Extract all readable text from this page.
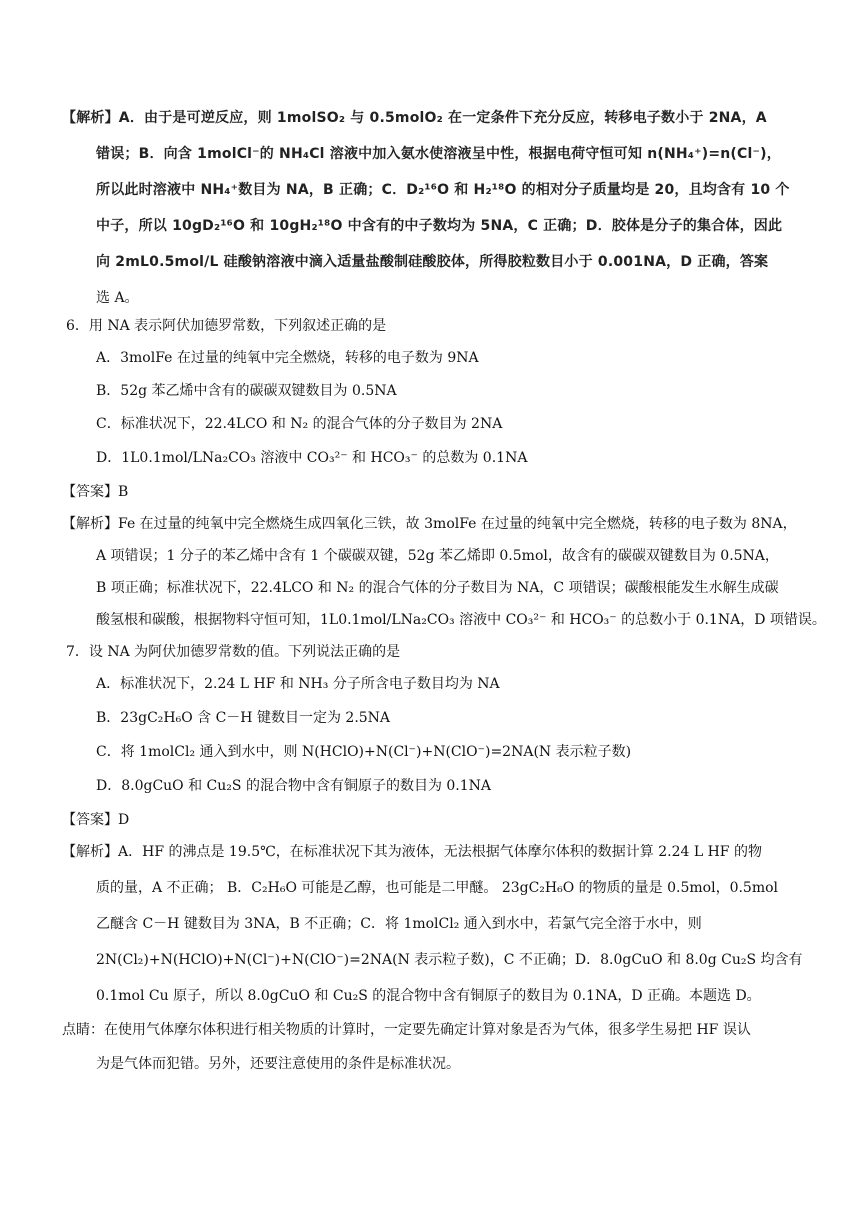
【解析】A．由于是可逆反应，则 1molSO₂ 与 0.5molO₂ 在一定条件下充分反应，转移电子数小于 2NA，A
错误；B．向含 1molCl⁻的 NH₄Cl 溶液中加入氨水使溶液呈中性，根据电荷守恒可知 n(NH₄⁺)=n(Cl⁻)，
所以此时溶液中 NH₄⁺数目为 NA，B 正确；C．D₂¹⁶O 和 H₂¹⁸O 的相对分子质量均是 20，且均含有 10 个
中子，所以 10gD₂¹⁶O 和 10gH₂¹⁸O 中含有的中子数均为 5NA，C 正确；D．胶体是分子的集合体，因此
向 2mL0.5mol/L 硅酸钠溶液中滴入适量盐酸制硅酸胶体，所得胶粒数目小于 0.001NA，D 正确，答案
选 A。
6．用 NA 表示阿伏加德罗常数，下列叙述正确的是
A．3molFe 在过量的纯氧中完全燃烧，转移的电子数为 9NA
B．52g 苯乙烯中含有的碳碳双键数目为 0.5NA
C．标准状况下，22.4LCO 和 N₂ 的混合气体的分子数目为 2NA
D．1L0.1mol/LNa₂CO₃ 溶液中 CO₃²⁻ 和 HCO₃⁻ 的总数为 0.1NA
【答案】B
【解析】Fe 在过量的纯氧中完全燃烧生成四氧化三铁，故 3molFe 在过量的纯氧中完全燃烧，转移的电子数为 8NA，
A 项错误；1 分子的苯乙烯中含有 1 个碳碳双键，52g 苯乙烯即 0.5mol，故含有的碳碳双键数目为 0.5NA，
B 项正确；标准状况下，22.4LCO 和 N₂ 的混合气体的分子数目为 NA，C 项错误；碳酸根能发生水解生成碳
酸氢根和碳酸，根据物料守恒可知，1L0.1mol/LNa₂CO₃ 溶液中 CO₃²⁻ 和 HCO₃⁻ 的总数小于 0.1NA，D 项错误。
7．设 NA 为阿伏加德罗常数的值。下列说法正确的是
A．标准状况下，2.24 L HF 和 NH₃ 分子所含电子数目均为 NA
B．23gC₂H₆O 含 C－H 键数目一定为 2.5NA
C．将 1molCl₂ 通入到水中，则 N(HClO)+N(Cl⁻)+N(ClO⁻)=2NA(N 表示粒子数)
D．8.0gCuO 和 Cu₂S 的混合物中含有铜原子的数目为 0.1NA
【答案】D
【解析】A．HF 的沸点是 19.5℃，在标准状况下其为液体，无法根据气体摩尔体积的数据计算 2.24 L HF 的物
质的量，A 不正确； B．C₂H₆O 可能是乙醇，也可能是二甲醚。 23gC₂H₆O 的物质的量是 0.5mol，0.5mol
乙醚含 C－H 键数目为 3NA，B 不正确；C．将 1molCl₂ 通入到水中，若氯气完全溶于水中，则
2N(Cl₂)+N(HClO)+N(Cl⁻)+N(ClO⁻)=2NA(N 表示粒子数)，C 不正确；D．8.0gCuO 和 8.0g Cu₂S 均含有
0.1mol Cu 原子，所以 8.0gCuO 和 Cu₂S 的混合物中含有铜原子的数目为 0.1NA，D 正确。本题选 D。
点睛：在使用气体摩尔体积进行相关物质的计算时，一定要先确定计算对象是否为气体，很多学生易把 HF 误认
为是气体而犯错。另外，还要注意使用的条件是标准状况。
